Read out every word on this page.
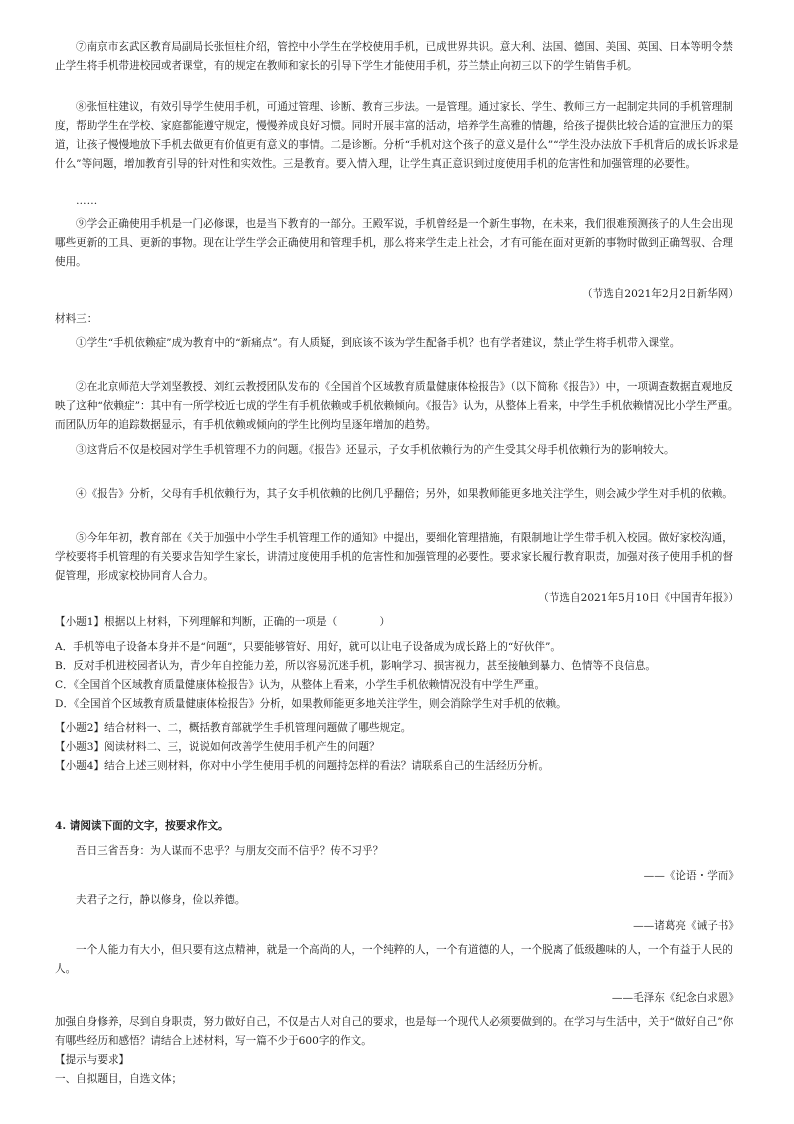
⑦南京市玄武区教育局副局长张恒柱介绍，管控中小学生在学校使用手机，已成世界共识。意大利、法国、德国、美国、英国、日本等明令禁止学生将手机带进校园或者课堂，有的规定在教师和家长的引导下学生才能使用手机，芬兰禁止向初三以下的学生销售手机。

⑧张恒柱建议，有效引导学生使用手机，可通过管理、诊断、教育三步法。一是管理。通过家长、学生、教师三方一起制定共同的手机管理制度，帮助学生在学校、家庭都能遵守规定，慢慢养成良好习惯。同时开展丰富的活动，培养学生高雅的情趣，给孩子提供比较合适的宣泄压力的渠道，让孩子慢慢地放下手机去做更有价值更有意义的事情。二是诊断。分析“手机对这个孩子的意义是什么”“学生没办法放下手机背后的成长诉求是什么”等问题，增加教育引导的针对性和实效性。三是教育。要入情入理，让学生真正意识到过度使用手机的危害性和加强管理的必要性。

……

⑨学会正确使用手机是一门必修课，也是当下教育的一部分。王殿军说，手机曾经是一个新生事物，在未来，我们很难预测孩子的人生会出现哪些更新的工具、更新的事物。现在让学生学会正确使用和管理手机，那么将来学生走上社会，才有可能在面对更新的事物时做到正确驾驭、合理使用。

（节选自2021年2月2日新华网）

材料三：

①学生“手机依赖症”成为教育中的“新痛点”。有人质疑，到底该不该为学生配备手机？也有学者建议，禁止学生将手机带入课堂。

②在北京师范大学刘坚教授、刘红云教授团队发布的《全国首个区域教育质量健康体检报告》（以下简称《报告》）中，一项调查数据直观地反映了这种“依赖症”：其中有一所学校近七成的学生有手机依赖或手机依赖倾向。《报告》认为，从整体上看来，中学生手机依赖情况比小学生严重。而团队历年的追踪数据显示，有手机依赖或倾向的学生比例均呈逐年增加的趋势。

③这背后不仅是校园对学生手机管理不力的问题。《报告》还显示，子女手机依赖行为的产生受其父母手机依赖行为的影响较大。

④《报告》分析，父母有手机依赖行为，其子女手机依赖的比例几乎翻倍；另外，如果教师能更多地关注学生，则会减少学生对手机的依赖。

⑤今年年初，教育部在《关于加强中小学生手机管理工作的通知》中提出，要细化管理措施，有限制地让学生带手机入校园。做好家校沟通，学校要将手机管理的有关要求告知学生家长，讲清过度使用手机的危害性和加强管理的必要性。要求家长履行教育职责，加强对孩子使用手机的督促管理，形成家校协同育人合力。

（节选自2021年5月10日《中国青年报》）

【小题1】根据以上材料，下列理解和判断，正确的一项是（　　　　）

A．手机等电子设备本身并不是“问题”，只要能够管好、用好，就可以让电子设备成为成长路上的“好伙伴”。

B．反对手机进校园者认为，青少年自控能力差，所以容易沉迷手机，影响学习、损害视力，甚至接触到暴力、色情等不良信息。

C．《全国首个区域教育质量健康体检报告》认为，从整体上看来，小学生手机依赖情况没有中学生严重。

D．《全国首个区域教育质量健康体检报告》分析，如果教师能更多地关注学生，则会消除学生对手机的依赖。

【小题2】结合材料一、二，概括教育部就学生手机管理问题做了哪些规定。

【小题3】阅读材料二、三，说说如何改善学生使用手机产生的问题？

【小题4】结合上述三则材料，你对中小学生使用手机的问题持怎样的看法？请联系自己的生活经历分析。

4. 请阅读下面的文字，按要求作文。

吾日三省吾身：为人谋而不忠乎？与朋友交而不信乎？传不习乎？

——《论语・学而》

夫君子之行，静以修身，俭以养德。

——诸葛亮《诫子书》

一个人能力有大小，但只要有这点精神，就是一个高尚的人，一个纯粹的人，一个有道德的人，一个脱离了低级趣味的人，一个有益于人民的人。

——毛泽东《纪念白求恩》

加强自身修养，尽到自身职责，努力做好自己，不仅是古人对自己的要求，也是每一个现代人必须要做到的。在学习与生活中，关于“做好自己”你有哪些经历和感悟？请结合上述材料，写一篇不少于600字的作文。

【提示与要求】

一、自拟题目，自选文体；
